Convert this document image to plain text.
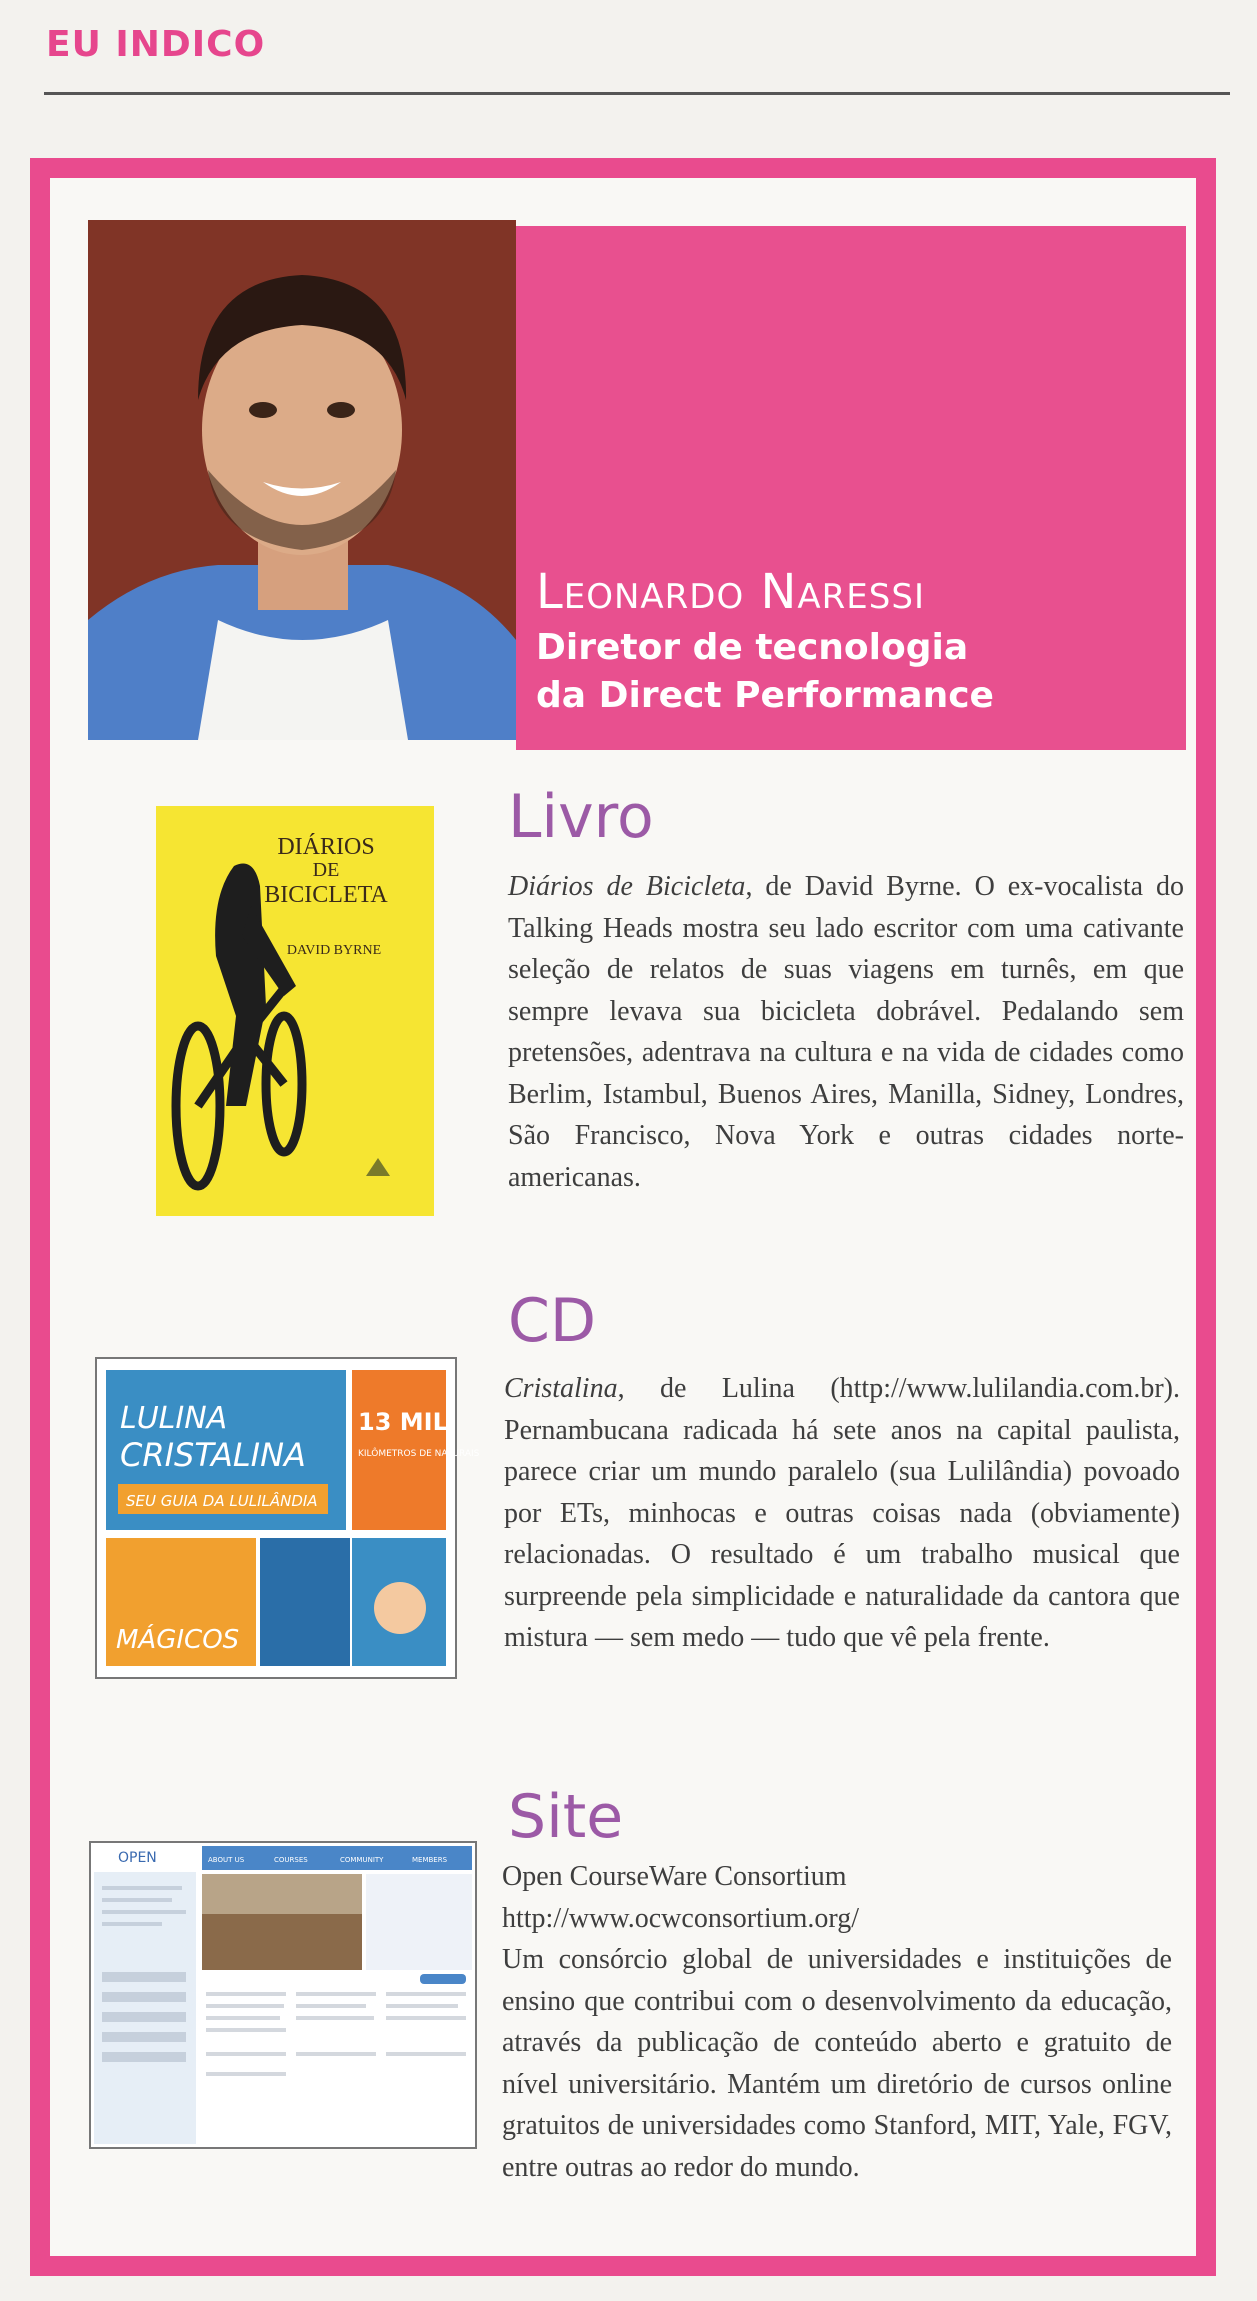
EU INDICO
Leonardo Naressi
Diretor de tecnologia
da Direct Performance
DIÁRIOS
DE
BICICLETA
DAVID BYRNE
Livro
Diários de Bicicleta, de David Byrne. O ex-vocalista do Talking Heads mostra seu lado escritor com uma cativante seleção de relatos de suas viagens em turnês, em que sempre levava sua bicicleta dobrável. Pedalando sem pretensões, adentrava na cultura e na vida de cidades como Berlim, Istambul, Buenos Aires, Manilla, Sidney, Londres, São Francisco, Nova York e outras cidades norte-americanas.
LULINA
CRISTALINA
SEU GUIA DA LULILÂNDIA
13 MIL
KILÔMETROS DE NATURAIS
MÁGICOS
CD
Cristalina, de Lulina (http://www.lulilandia.com.br). Pernambucana radicada há sete anos na capital paulista, parece criar um mundo paralelo (sua Lulilândia) povoado por ETs, minhocas e outras coisas nada (obviamente) relacionadas. O resultado é um trabalho musical que surpreende pela simplicidade e naturalidade da cantora que mistura — sem medo — tudo que vê pela frente.
OPEN	ABOUT US	COURSES	COMMUNITY	MEMBERS
Site
Open CourseWare Consortium
http://www.ocwconsortium.org/
Um consórcio global de universidades e instituições de ensino que contribui com o desenvolvimento da educação, através da publicação de conteúdo aberto e gratuito de nível universitário. Mantém um diretório de cursos online gratuitos de universidades como Stanford, MIT, Yale, FGV, entre outras ao redor do mundo.
